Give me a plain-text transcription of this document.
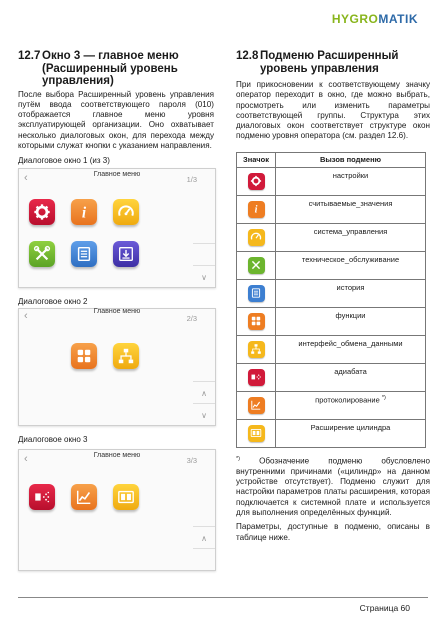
HYGROMATIK
12.7 Окно 3 — главное меню (Расширенный уровень управления)

После выбора Расширенный уровень управления путём ввода соответствующего пароля (010) отображается главное меню уровня эксплуатирующей организации. Оно охватывает несколько диалоговых окон, для перехода между которыми служат кнопки с указанием направления.

Диалоговое окно 1 (из 3)
‹	Главное меню
1/3
∨
i
Диалоговое окно 2
‹	Главное меню
2/3
∧
∨
Диалоговое окно 3
‹	Главное меню
3/3
∧
12.8 Подменю Расширенный уровень управления

При прикосновении к соответствующему значку оператор переходит в окно, где можно выбрать, просмотреть или изменить параметры соответствующей группы. Структура этих диалоговых окон соответствует структуре окон подменю уровня оператора (см. раздел 12.6).

Значок	Вызов подменю

	настройки

i	считываемые_значения

	система_управления

	техническое_обслуживание

	история

	функции

	интерфейс_обмена_данными

	адиабата

	протоколирование *)

	Расширение цилиндра
*) Обозначение подменю обусловлено внутренними причинами («цилиндр» на данном устройстве отсутствует). Подменю служит для настройки параметров платы расширения, которая подключается к системной плате и используется для выполнения определённых функций.
Параметры, доступные в подменю, описаны в таблице ниже.
Страница 60
